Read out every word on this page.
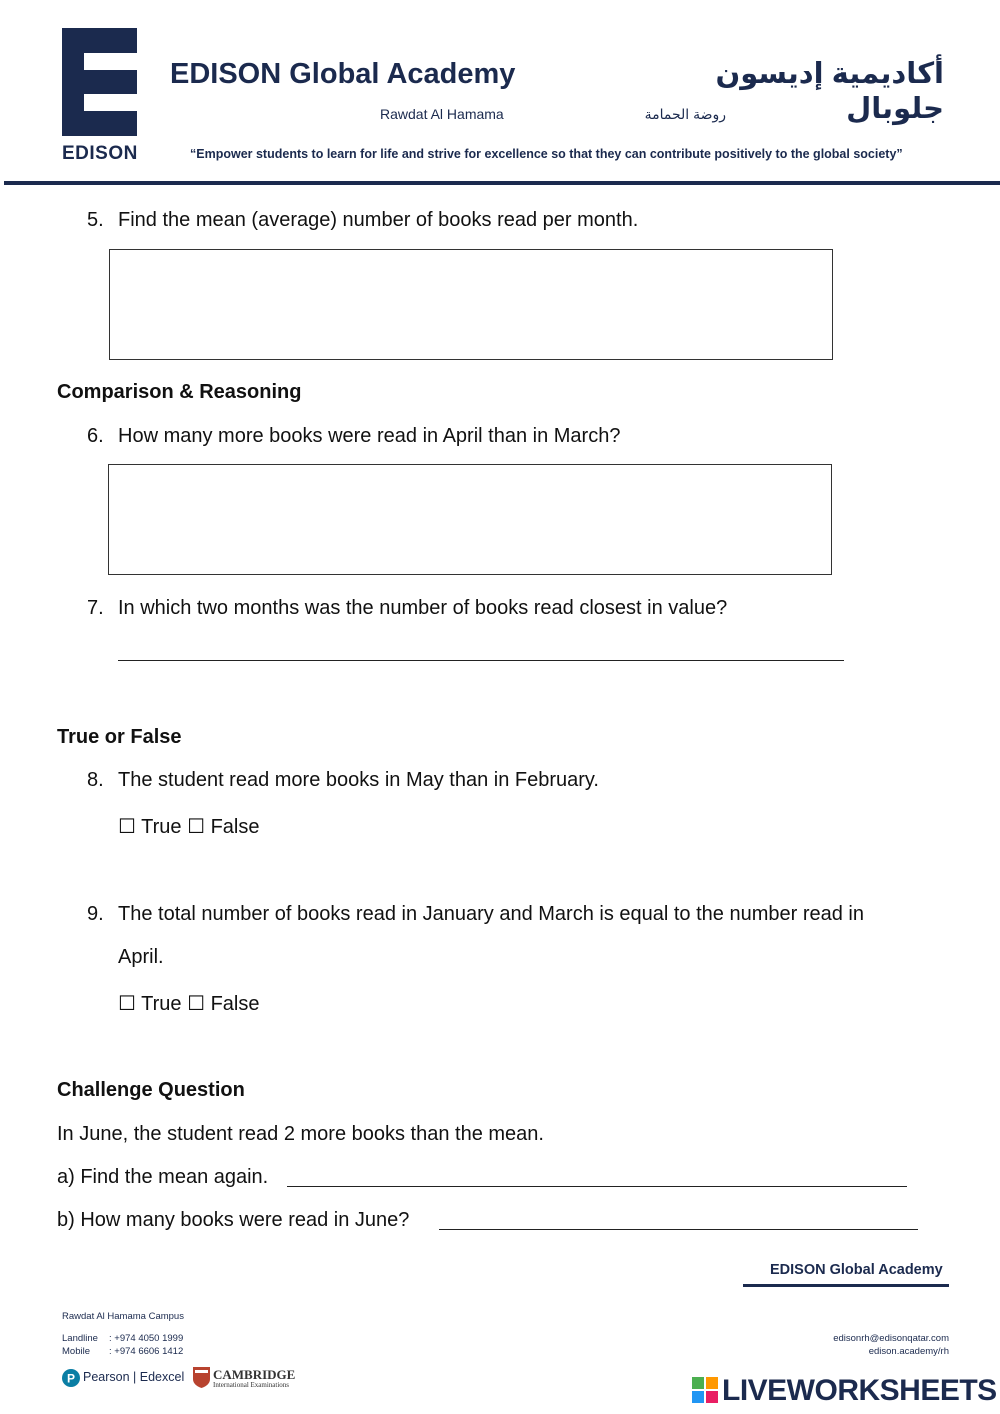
EDISON
EDISON Global Academy
Rawdat Al Hamama
أكاديمية إديسون جلوبال
روضة الحمامة
“Empower students to learn for life and strive for excellence so that they can contribute positively to the global society”
5. Find the mean (average) number of books read per month.
Comparison & Reasoning
6. How many more books were read in April than in March?
7. In which two months was the number of books read closest in value?
True or False
8. The student read more books in May than in February.
☐ True ☐ False
9. The total number of books read in January and March is equal to the number read in
April.
☐ True ☐ False
Challenge Question
In June, the student read 2 more books than the mean.
a) Find the mean again.
b) How many books were read in June?
EDISON Global Academy
Rawdat Al Hamama Campus
Landline : +974 4050 1999
Mobile : +974 6606 1412
edisonrh@edisonqatar.com
edison.academy/rh
P Pearson | Edexcel CAMBRIDGE
International Examinations	LIVEWORKSHEETS
